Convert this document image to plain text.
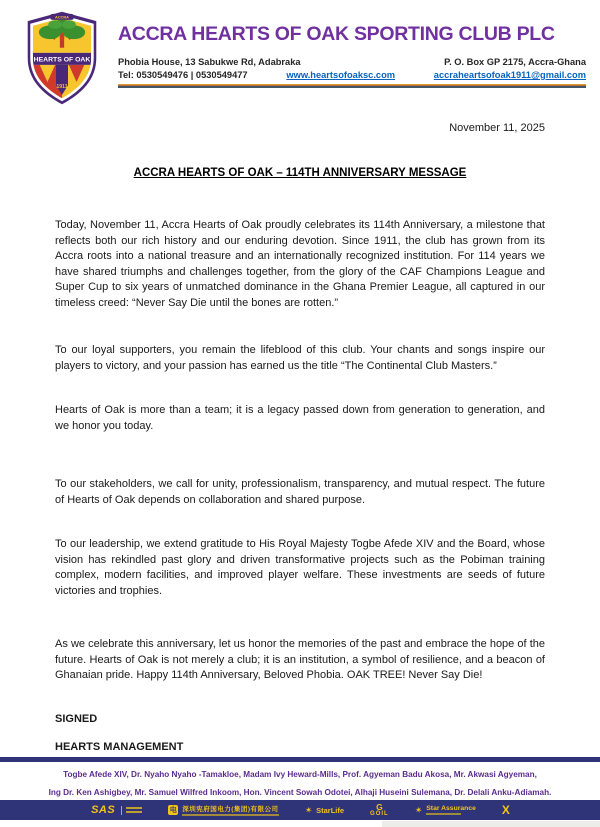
HEARTS OF OAK
1911
ACCRA
ACCRA HEARTS OF OAK SPORTING CLUB PLC
Phobia House, 13 Sabukwe Rd, Adabraka	P. O. Box GP 2175, Accra-Ghana
Tel: 0530549476 | 0530549477	www.heartsofoaksc.com	accraheartsofoak1911@gmail.com
November 11, 2025
ACCRA HEARTS OF OAK – 114TH ANNIVERSARY MESSAGE

Today, November 11, Accra Hearts of Oak proudly celebrates its 114th Anniversary, a milestone that reflects both our rich history and our enduring devotion. Since 1911, the club has grown from its Accra roots into a national treasure and an internationally recognized institution. For 114 years we have shared triumphs and challenges together, from the glory of the CAF Champions League and Super Cup to six years of unmatched dominance in the Ghana Premier League, all captured in our timeless creed: “Never Say Die until the bones are rotten.”

To our loyal supporters, you remain the lifeblood of this club. Your chants and songs inspire our players to victory, and your passion has earned us the title “The Continental Club Masters.”

Hearts of Oak is more than a team; it is a legacy passed down from generation to generation, and we honor you today.

To our stakeholders, we call for unity, professionalism, transparency, and mutual respect. The future of Hearts of Oak depends on collaboration and shared purpose.

To our leadership, we extend gratitude to His Royal Majesty Togbe Afede XIV and the Board, whose vision has rekindled past glory and driven transformative projects such as the Pobiman training complex, modern facilities, and improved player welfare. These investments are seeds of future victories and trophies.

As we celebrate this anniversary, let us honor the memories of the past and embrace the hope of the future. Hearts of Oak is not merely a club; it is an institution, a symbol of resilience, and a beacon of Ghanaian pride. Happy 114th Anniversary, Beloved Phobia. OAK TREE! Never Say Die!

SIGNED
HEARTS MANAGEMENT
Togbe Afede XIV, Dr. Nyaho Nyaho -Tamakloe, Madam Ivy Heward-Mills, Prof. Agyeman Badu Akosa, Mr. Akwasi Agyeman,
Ing Dr. Ken Ashigbey, Mr. Samuel Wilfred Inkoom, Hon. Vincent Sowah Odotei, Alhaji Huseini Sulemana, Dr. Delali Anku-Adiamah.
SAS	电 深圳宪府国电力(集团)有限公司	✶ StarLife	G
GOIL	✶ Star Assurance X
